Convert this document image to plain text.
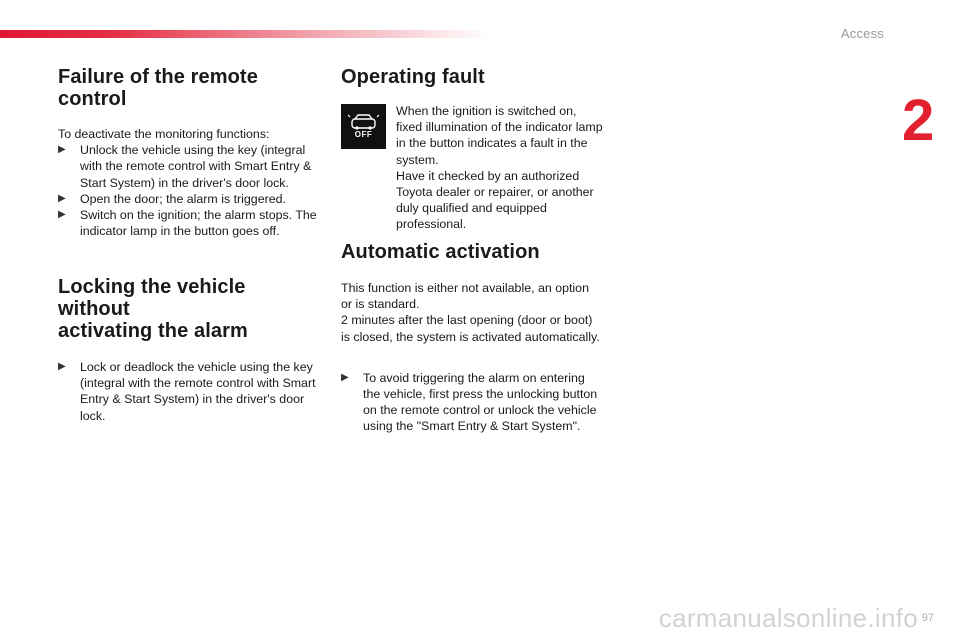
Access
2
Failure of the remote control

To deactivate the monitoring functions:

▶	Unlock the vehicle using the key (integral with the remote control with Smart Entry & Start System) in the driver's door lock.
▶	Open the door; the alarm is triggered.
▶	Switch on the ignition; the alarm stops. The indicator lamp in the button goes off.
Locking the vehicle without
activating the alarm
▶	Lock or deadlock the vehicle using the key (integral with the remote control with Smart Entry & Start System) in the driver's door lock.
Operating fault
OFF

When the ignition is switched on, fixed illumination of the indicator lamp in the button indicates a fault in the system.

Have it checked by an authorized Toyota dealer or repairer, or another duly qualified and equipped professional.

Automatic activation

This function is either not available, an option or is standard.

2 minutes after the last opening (door or boot) is closed, the system is activated automatically.

▶	To avoid triggering the alarm on entering the vehicle, first press the unlocking button on the remote control or unlock the vehicle using the "Smart Entry & Start System".
97
carmanualsonline.info
